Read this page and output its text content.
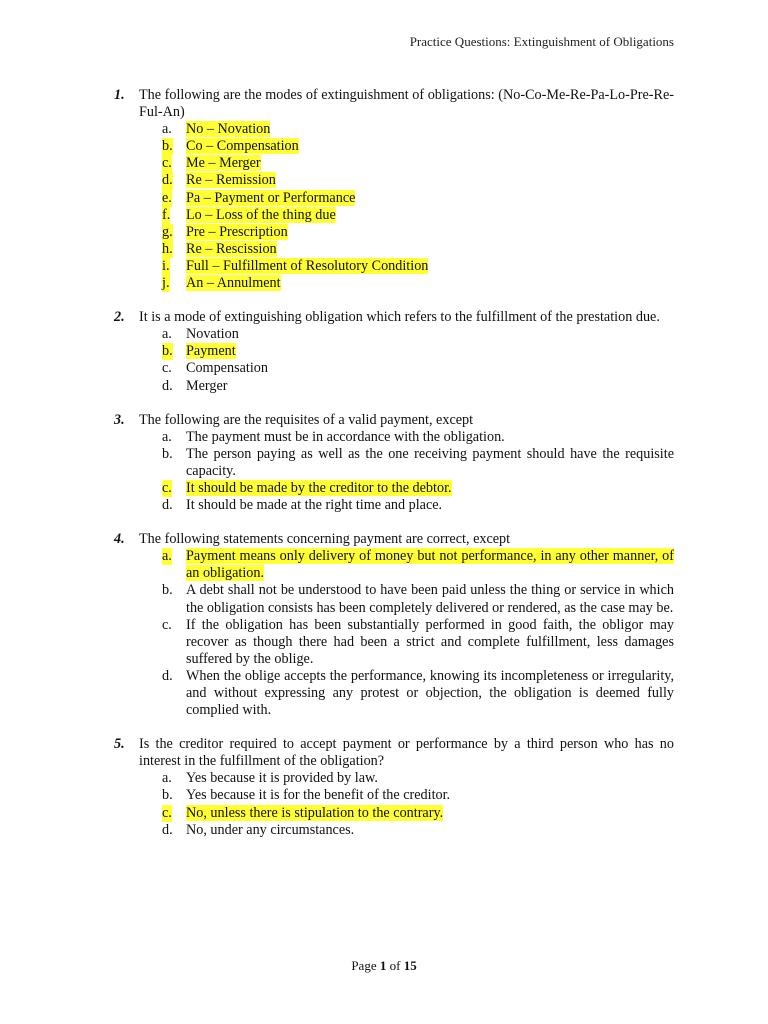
Practice Questions: Extinguishment of Obligations
1. The following are the modes of extinguishment of obligations: (No-Co-Me-Re-Pa-Lo-Pre-Re-Ful-An)
a. No – Novation
b. Co – Compensation
c. Me – Merger
d. Re – Remission
e. Pa – Payment or Performance
f. Lo – Loss of the thing due
g. Pre – Prescription
h. Re – Rescission
i. Full – Fulfillment of Resolutory Condition
j. An – Annulment
2. It is a mode of extinguishing obligation which refers to the fulfillment of the prestation due.
a. Novation
b. Payment
c. Compensation
d. Merger
3. The following are the requisites of a valid payment, except
a. The payment must be in accordance with the obligation.
b. The person paying as well as the one receiving payment should have the requisite capacity.
c. It should be made by the creditor to the debtor.
d. It should be made at the right time and place.
4. The following statements concerning payment are correct, except
a. Payment means only delivery of money but not performance, in any other manner, of an obligation.
b. A debt shall not be understood to have been paid unless the thing or service in which the obligation consists has been completely delivered or rendered, as the case may be.
c. If the obligation has been substantially performed in good faith, the obligor may recover as though there had been a strict and complete fulfillment, less damages suffered by the oblige.
d. When the oblige accepts the performance, knowing its incompleteness or irregularity, and without expressing any protest or objection, the obligation is deemed fully complied with.
5. Is the creditor required to accept payment or performance by a third person who has no interest in the fulfillment of the obligation?
a. Yes because it is provided by law.
b. Yes because it is for the benefit of the creditor.
c. No, unless there is stipulation to the contrary.
d. No, under any circumstances.
Page 1 of 15
